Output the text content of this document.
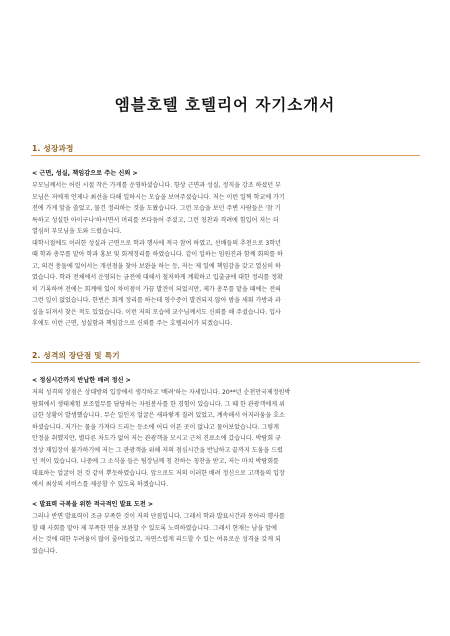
엠블호텔 호텔리어 자기소개서
1. 성장과정
< 근면, 성실, 책임감으로 주는 신뢰 >
부모님께서는 어린 시절 작은 가게를 운영하셨습니다. 항상 근면과 성실, 정직을 강조 하셨던 부
모님은 저에게 언제나 최선을 다해 일하시는 모습을 보여주셨습니다. 저는 이런 일찍 학교에 가기
전에 가게 앞을 쓸었고, 물건 정리하는 것을 도왔습니다. 그런 모습을 보던 주변 사람들은 '참 기
특하고 성실한 아이구나'하시면서 머리를 쓰다듬어 주셨고, 그런 칭찬과 격려에 힘입어 저는 더
열심히 부모님을 도와 드렸습니다.
대학시절에도 이러한 성실과 근면으로 학과 행사에 적극 참여 하였고, 선배들의 추천으로 3학년
때 학과 총무를 맡아 학과 홍보 및 회계정리를 하였습니다. 같이 일하는 임원진과 함께 회의를 하
고, 의견 충돌에 있어서는 개선점을 찾아 보완을 하는 등, 저는 제 일에 책임감을 갖고 열심히 하
였습니다. 학과 전체에서 운영되는 금전에 대해서 철저하게 계획하고 입출금에 대한 정리를 정확
히 기록하여 전에는 회계에 있어 차이점이 가끔 발견이 되었지만, 제가 총무를 맡을 때에는 전혀
그런 일이 없었습니다. 한번은 회계 정리를 하는데 영수증이 발견되지 않아 밤을 새워 가방과 과
실을 뒤져서 찾은 적도 있었습니다. 이런 저의 모습에 교수님께서도 신뢰를 해 주셨습니다. 입사
후에도 이런 근면, 성실함과 책임감으로 신뢰를 주는 호텔리어가 되겠습니다.
2. 성격의 장단점 및 특기
< 정심시간까지 반납한 배려 정신 >
저의 성격의 장점은 상대방의 입장에서 생각하고 '배려'하는 자세입니다. 20**년 순천만국제정원박
람회에서 생태체험 보조업무를 담당하는 자원봉사를 한 경험이 있습니다. 그 때 한 관광객에게 위
급한 상황이 발생했습니다. 무슨 일인지 얼굴은 새파랗게 질려 있었고, 계속해서 어지러움을 호소
하셨습니다. 저가는 물을 가져다 드리는 등소에 어디 이픈 곳이 없냐고 물어보았습니다. 그렇게
안정을 취했지만, 별다른 차도가 없어 저는 관광객을 모시고 근처 진료소에 갔습니다. 박람회 규
정상 재입장이 불가하기에 저는 그 관광객을 위해 저의 점심시간을 반납하고 끝까지 도움을 드렸
던 적이 있습니다. 나중에 그 소식을 들은 팀장님께 칭 찬하는 칭찬을 받고, 저는 마치 박람회를
대표하는 얼굴이 된 것 같이 뿌듯하였습니다. 앞으로도 저의 이러한 배려 정신으로 고객들의 입장
에서 최상의 서비스를 제공할 수 있도록 하겠습니다.
< 발표력 극복을 위한 적극적인 발표 도전 >
그러나 반면 발표력이 조금 부족한 것이 저의 단점입니다. 그래서 학과 발표시간과 동아리 행사를
할 때 사회를 맡아 제 부족한 면을 보완할 수 있도록 노력하였습니다. 그래서 현재는 남을 앞에
서는 것에 대한 두려움이 많이 줄어들었고, 자연스럽게 리드할 수 있는 여유로운 성격을 갖게 되
었습니다.
